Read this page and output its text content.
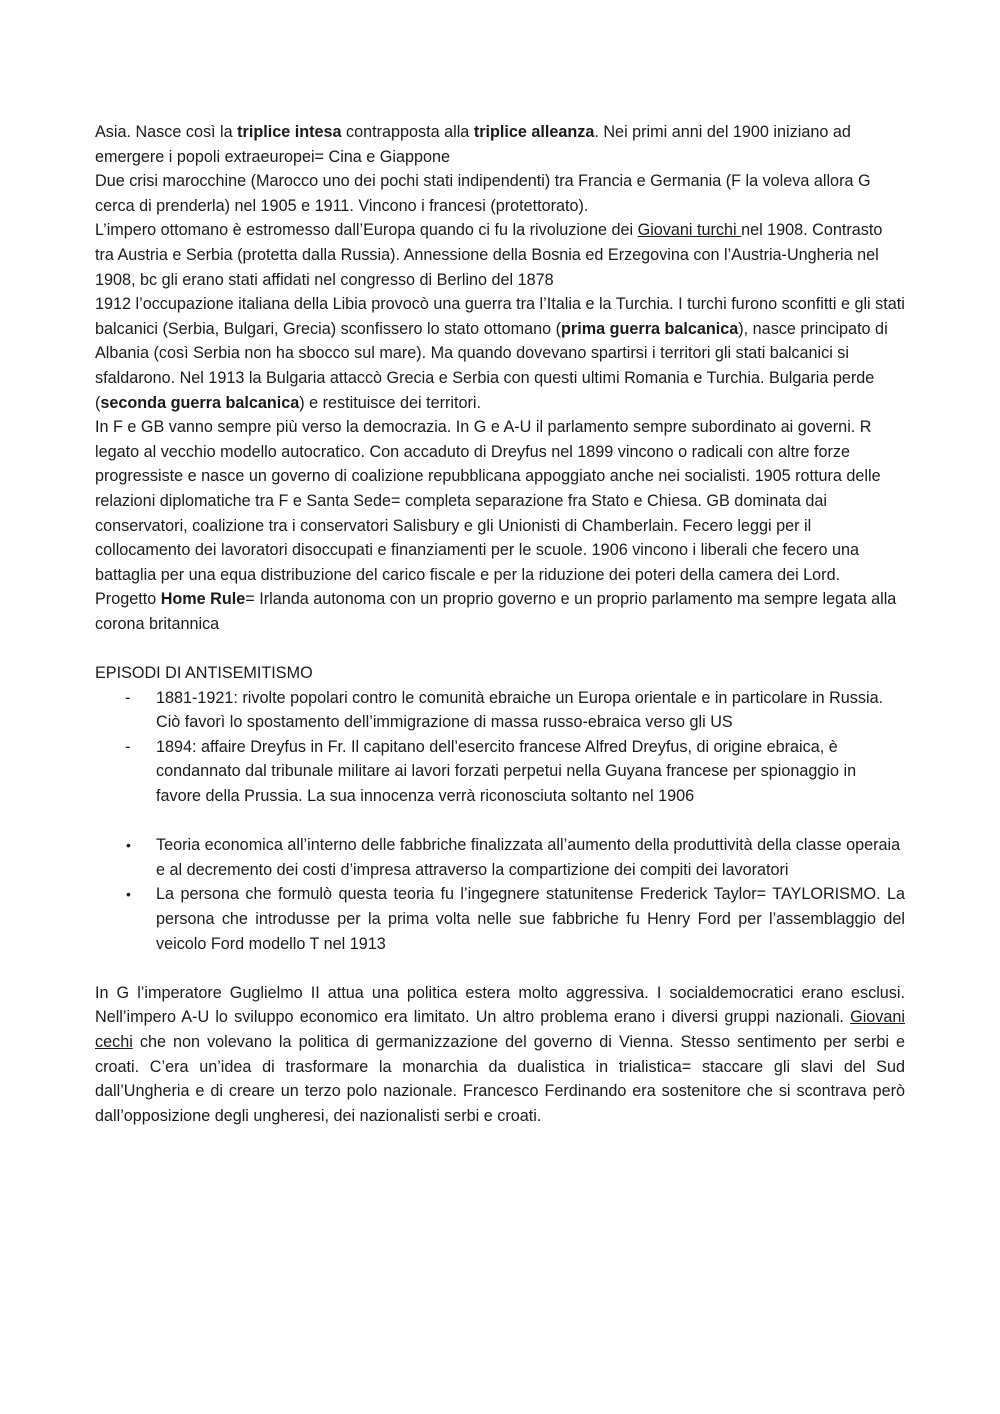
Asia. Nasce così la triplice intesa contrapposta alla triplice alleanza. Nei primi anni del 1900 iniziano ad emergere i popoli extraeuropei= Cina e Giappone

Due crisi marocchine (Marocco uno dei pochi stati indipendenti) tra Francia e Germania (F la voleva allora G cerca di prenderla) nel 1905 e 1911. Vincono i francesi (protettorato).

L’impero ottomano è estromesso dall’Europa quando ci fu la rivoluzione dei Giovani turchi nel 1908. Contrasto tra Austria e Serbia (protetta dalla Russia). Annessione della Bosnia ed Erzegovina con l’Austria-Ungheria nel 1908, bc gli erano stati affidati nel congresso di Berlino del 1878

1912 l’occupazione italiana della Libia provocò una guerra tra l’Italia e la Turchia. I turchi furono sconfitti e gli stati balcanici (Serbia, Bulgari, Grecia) sconfissero lo stato ottomano (prima guerra balcanica), nasce principato di Albania (così Serbia non ha sbocco sul mare). Ma quando dovevano spartirsi i territori gli stati balcanici si sfaldarono. Nel 1913 la Bulgaria attaccò Grecia e Serbia con questi ultimi Romania e Turchia. Bulgaria perde (seconda guerra balcanica) e restituisce dei territori.

In F e GB vanno sempre più verso la democrazia. In G e A-U il parlamento sempre subordinato ai governi. R legato al vecchio modello autocratico. Con accaduto di Dreyfus nel 1899 vincono o radicali con altre forze progressiste e nasce un governo di coalizione repubblicana appoggiato anche nei socialisti. 1905 rottura delle relazioni diplomatiche tra F e Santa Sede= completa separazione fra Stato e Chiesa. GB dominata dai conservatori, coalizione tra i conservatori Salisbury e gli Unionisti di Chamberlain. Fecero leggi per il collocamento dei lavoratori disoccupati e finanziamenti per le scuole. 1906 vincono i liberali che fecero una battaglia per una equa distribuzione del carico fiscale e per la riduzione dei poteri della camera dei Lord. Progetto Home Rule= Irlanda autonoma con un proprio governo e un proprio parlamento ma sempre legata alla corona britannica

EPISODI DI ANTISEMITISMO

- 1881-1921: rivolte popolari contro le comunità ebraiche un Europa orientale e in particolare in Russia. Ciò favorì lo spostamento dell’immigrazione di massa russo-ebraica verso gli US
- 1894: affaire Dreyfus in Fr. Il capitano dell’esercito francese Alfred Dreyfus, di origine ebraica, è condannato dal tribunale militare ai lavori forzati perpetui nella Guyana francese per spionaggio in favore della Prussia. La sua innocenza verrà riconosciuta soltanto nel 1906
• Teoria economica all’interno delle fabbriche finalizzata all’aumento della produttività della classe operaia e al decremento dei costi d’impresa attraverso la compartizione dei compiti dei lavoratori
• La persona che formulò questa teoria fu l’ingegnere statunitense Frederick Taylor= TAYLORISMO. La persona che introdusse per la prima volta nelle sue fabbriche fu Henry Ford per l’assemblaggio del veicolo Ford modello T nel 1913

In G l’imperatore Guglielmo II attua una politica estera molto aggressiva. I socialdemocratici erano esclusi. Nell’impero A-U lo sviluppo economico era limitato. Un altro problema erano i diversi gruppi nazionali. Giovani cechi che non volevano la politica di germanizzazione del governo di Vienna. Stesso sentimento per serbi e croati. C’era un’idea di trasformare la monarchia da dualistica in trialistica= staccare gli slavi del Sud dall’Ungheria e di creare un terzo polo nazionale. Francesco Ferdinando era sostenitore che si scontrava però dall’opposizione degli ungheresi, dei nazionalisti serbi e croati.
